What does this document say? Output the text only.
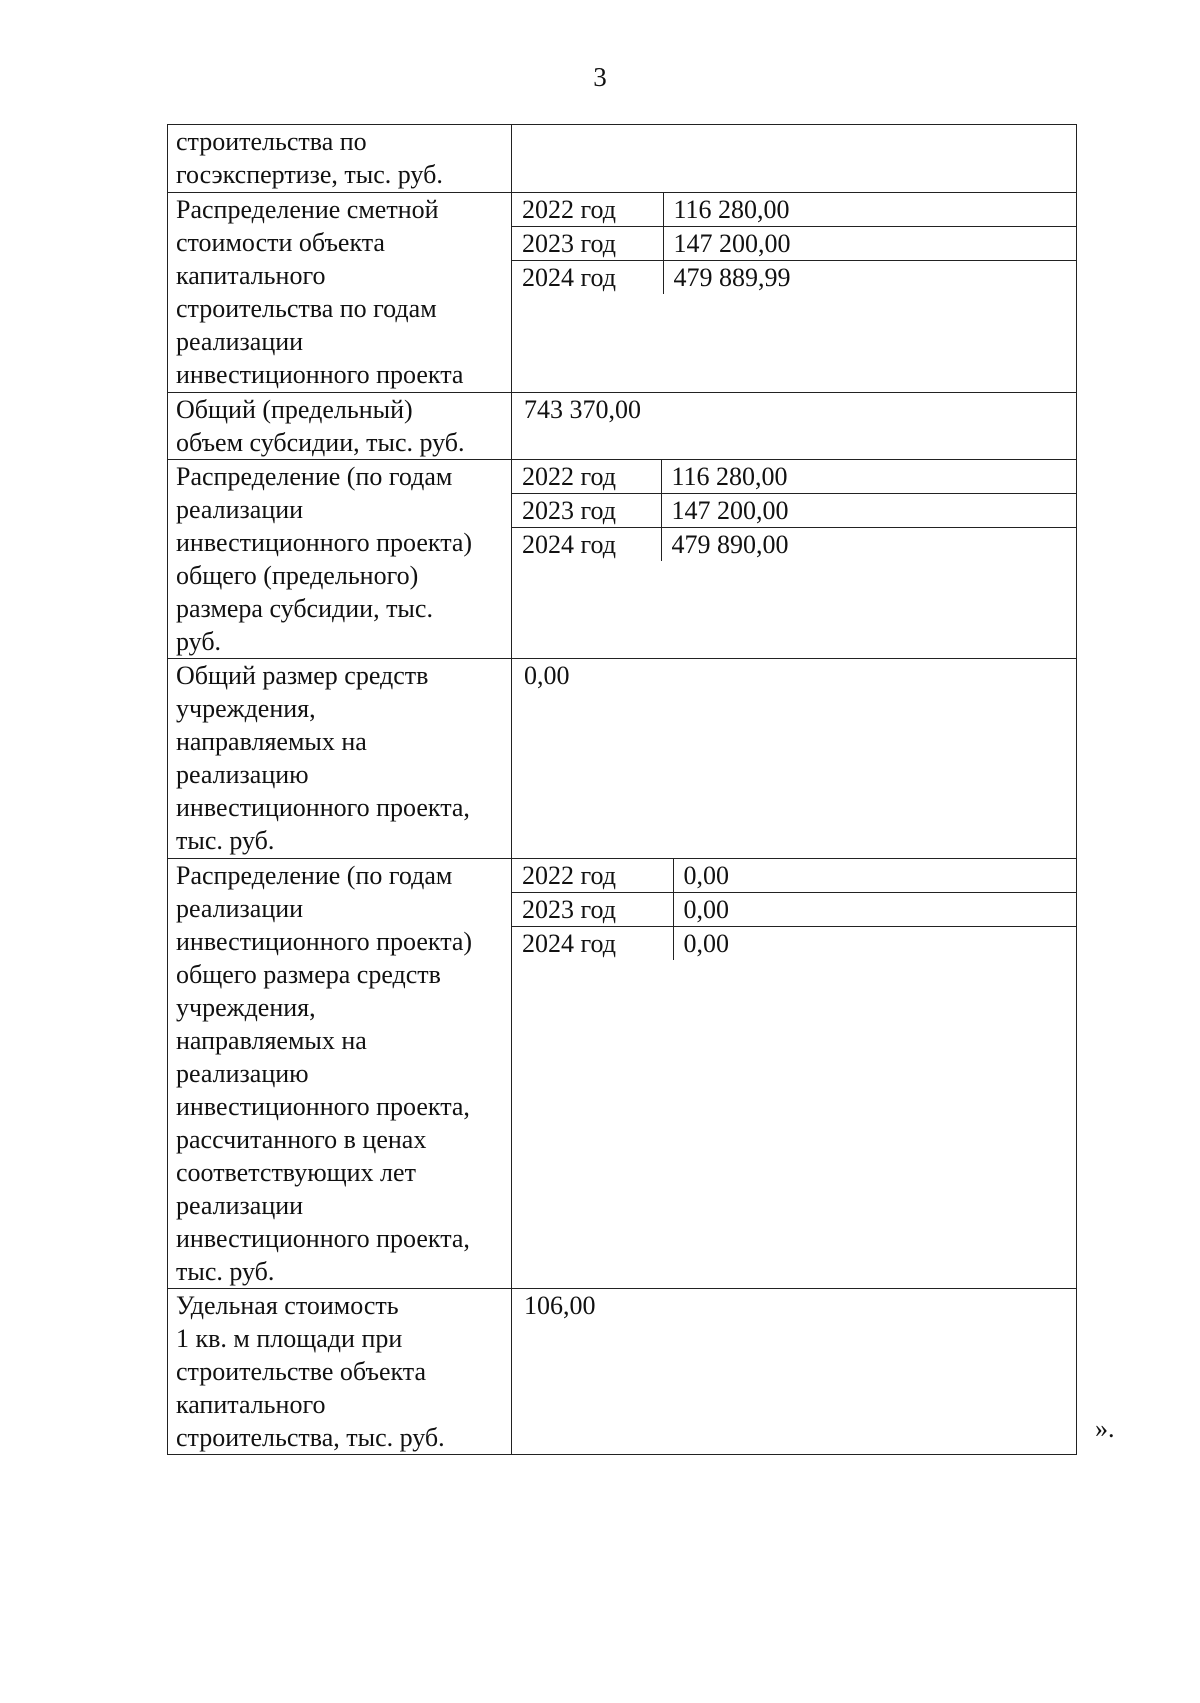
3
строительства по
госэкспертизе, тыс. руб.	
Распределение сметной
стоимости объекта
капитального
строительства по годам
реализации
инвестиционного проекта	
2022 год	116 280,00
2023 год	147 200,00
2024 год	479 889,99

Общий (предельный)
объем субсидии, тыс. руб.	743 370,00
Распределение (по годам
реализации
инвестиционного проекта)
общего (предельного)
размера субсидии, тыс.
руб.	
2022 год	116 280,00
2023 год	147 200,00
2024 год	479 890,00

Общий размер средств
учреждения,
направляемых на
реализацию
инвестиционного проекта,
тыс. руб.	0,00
Распределение (по годам
реализации
инвестиционного проекта)
общего размера средств
учреждения,
направляемых на
реализацию
инвестиционного проекта,
рассчитанного в ценах
соответствующих лет
реализации
инвестиционного проекта,
тыс. руб.	
2022 год	0,00
2023 год	0,00
2024 год	0,00

Удельная стоимость
1 кв. м площади при
строительстве объекта
капитального
строительства, тыс. руб.	106,00
».
